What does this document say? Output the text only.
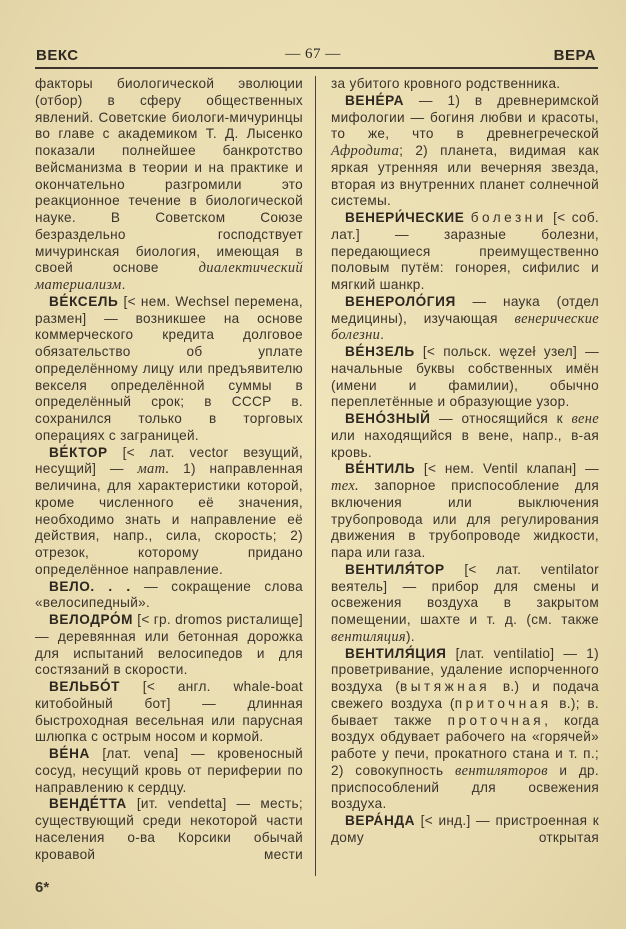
ВЕКС	— 67 —	ВЕРА

факторы биологической эволюции (отбор) в сферу общественных явлений. Советские биологи-мичуринцы во главе с академиком Т. Д. Лысенко показали полнейшее банкротство вейсманизма в теории и на практике и окончательно разгромили это реакционное течение в биологической науке. В Советском Союзе безраздельно господствует мичуринская биология, имеющая в своей основе диалектический материализм.

ВЕ́КСЕЛЬ [< нем. Wechsel перемена, размен] — возникшее на основе коммерческого кредита долговое обязательство об уплате определённому лицу или предъявителю векселя определённой суммы в определённый срок; в СССР в. сохранился только в торговых операциях с заграницей.

ВЕ́КТОР [< лат. vector везущий, несущий] — мат. 1) направленная величина, для характеристики которой, кроме численного её значения, необходимо знать и направление её действия, напр., сила, скорость; 2) отрезок, которому придано определённое направление.

ВЕЛО. . . — сокращение слова «велосипедный».

ВЕЛОДРО́М [< гр. dromos ристалище] — деревянная или бетонная дорожка для испытаний велосипедов и для состязаний в скорости.

ВЕЛЬБО́Т [< англ. whale-boat китобойный бот] — длинная быстроходная весельная или парусная шлюпка с острым носом и кормой.

ВЕ́НА [лат. vena] — кровеносный сосуд, несущий кровь от периферии по направлению к сердцу.

ВЕНДЕ́ТТА [ит. vendetta] — месть; существующий среди некоторой части населения о-ва Корсики обычай кровавой мести

6*

за убитого кровного родственника.

ВЕНЕ́РА — 1) в древнеримской мифологии — богиня любви и красоты, то же, что в древнегреческой Афродита; 2) планета, видимая как яркая утренняя или вечерняя звезда, вторая из внутренних планет солнечной системы.

ВЕНЕРИ́ЧЕСКИЕ болезни [< соб. лат.] — заразные болезни, передающиеся преимущественно половым путём: гонорея, сифилис и мягкий шанкр.

ВЕНЕРОЛО́ГИЯ — наука (отдел медицины), изучающая венерические болезни.

ВЕ́НЗЕЛЬ [< польск. węzeł узел] — начальные буквы собственных имён (имени и фамилии), обычно переплетённые и образующие узор.

ВЕНО́ЗНЫЙ — относящийся к вене или находящийся в вене, напр., в-ая кровь.

ВЕ́НТИЛЬ [< нем. Ventil клапан] — тех. запорное приспособление для включения или выключения трубопровода или для регулирования движения в трубопроводе жидкости, пара или газа.

ВЕНТИЛЯ́ТОР [< лат. ventilator веятель] — прибор для смены и освежения воздуха в закрытом помещении, шахте и т. д. (см. также вентиляция).

ВЕНТИЛЯ́ЦИЯ [лат. ventilatio] — 1) проветривание, удаление испорченного воздуха (вытяжная в.) и подача свежего воздуха (приточная в.); в. бывает также проточная, когда воздух обдувает рабочего на «горячей» работе у печи, прокатного стана и т. п.; 2) совокупность вентиляторов и др. приспособлений для освежения воздуха.

ВЕРА́НДА [< инд.] — пристроенная к дому открытая
